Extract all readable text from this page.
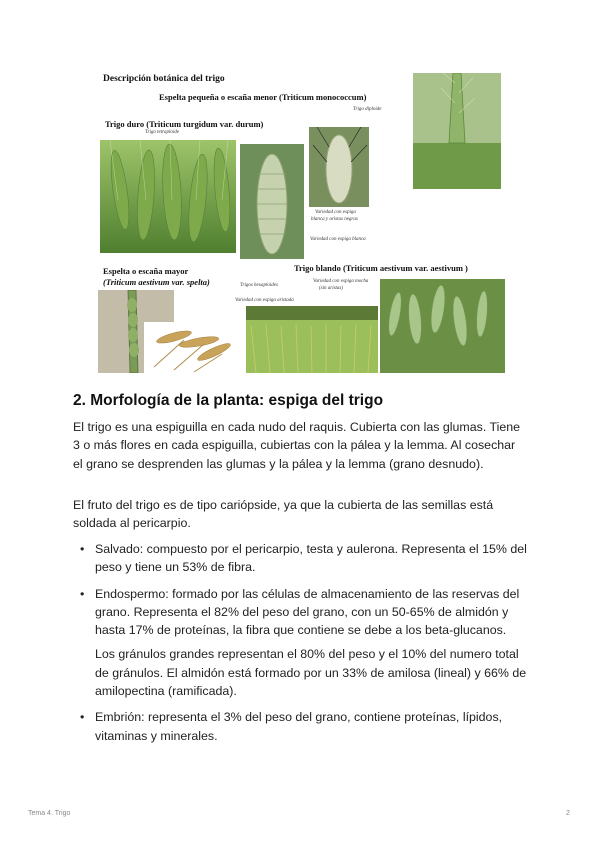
Descripción botánica del trigo
Espelta pequeña o escaña menor (Triticum monococcum)
Trigo diploide
Trigo duro (Triticum turgidum var. durum)
Trigo tetraploide
Variedad con espiga
blanca y aristas negras
Variedad con espiga blanca
Espelta o escaña mayor
(Triticum aestivum var. spelta)	Trigos hexaploides
Trigo blando (Triticum aestivum var. aestivum )
Variedad con espiga mocha
(sin aristas)
Variedad con espiga aristada
2. Morfología de la planta: espiga del trigo

El trigo es una espiguilla en cada nudo del raquis. Cubierta con las glumas. Tiene 3 o más flores en cada espiguilla, cubiertas con la pálea y la lemma. Al cosechar el grano se desprenden las glumas y la pálea y la lemma (grano desnudo).

El fruto del trigo es de tipo cariópside, ya que la cubierta de las semillas está soldada al pericarpio.

• Salvado: compuesto por el pericarpio, testa y aulerona. Representa el 15% del peso y tiene un 53% de fibra.

• Endospermo: formado por las células de almacenamiento de las reservas del grano. Representa el 82% del peso del grano, con un 50-65% de almidón y hasta 17% de proteínas, la fibra que contiene se debe a los beta-glucanos.

Los gránulos grandes representan el 80% del peso y el 10% del numero total de gránulos. El almidón está formado por un 33% de amilosa (lineal) y 66% de amilopectina (ramificada).

• Embrión: representa el 3% del peso del grano, contiene proteínas, lípidos, vitaminas y minerales.

Tema 4. Trigo	2
